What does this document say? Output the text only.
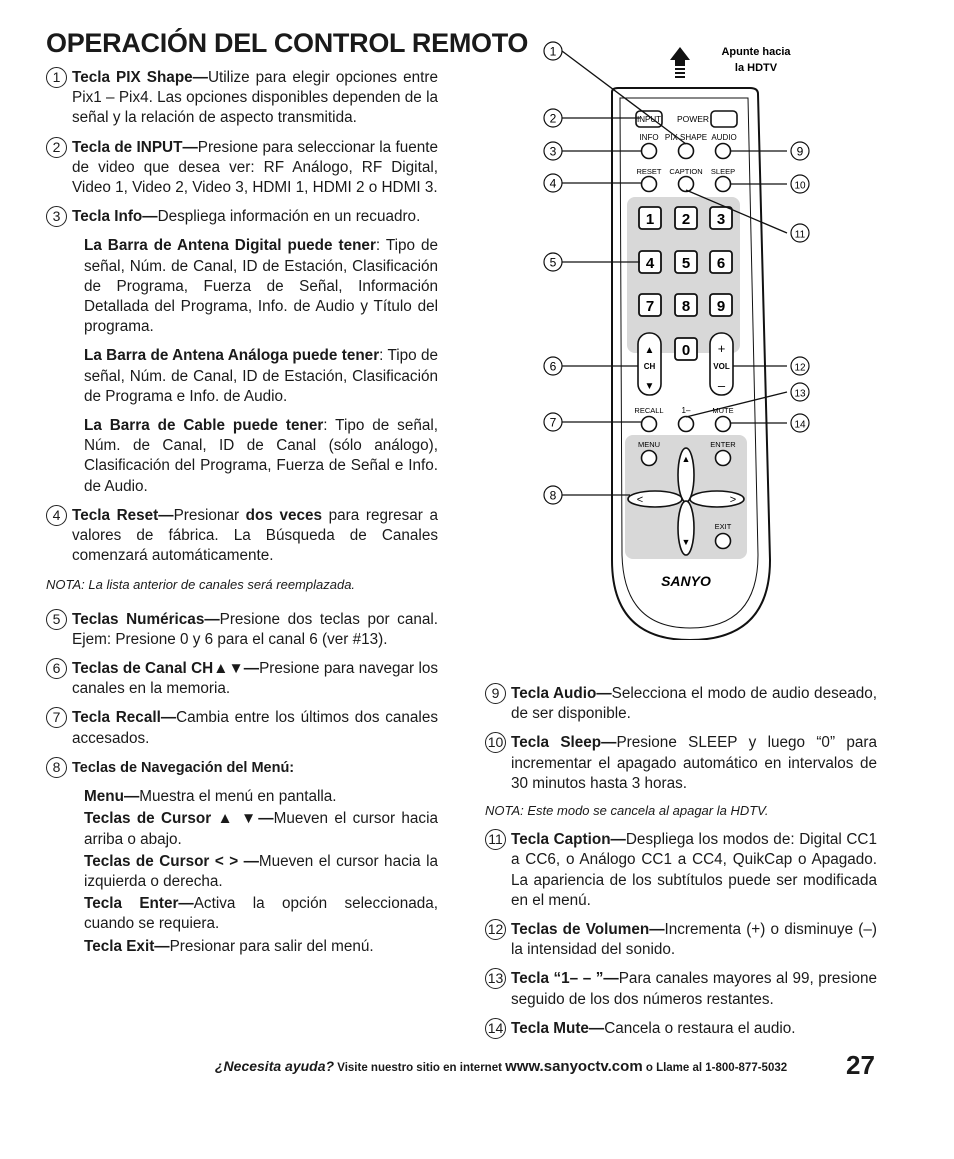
OPERACIÓN DEL CONTROL REMOTO
1 Tecla PIX Shape—Utilize para elegir opciones entre Pix1 – Pix4. Las opciones disponibles dependen de la señal y la relación de aspecto transmitida.
2 Tecla de INPUT—Presione para seleccionar la fuente de video que desea ver: RF Análogo, RF Digital, Video 1, Video 2, Video 3, HDMI 1, HDMI 2 o HDMI 3.
3 Tecla Info—Despliega información en un recuadro.
La Barra de Antena Digital puede tener: Tipo de señal, Núm. de Canal, ID de Estación, Clasificación de Programa, Fuerza de Señal, Información Detallada del Programa, Info. de Audio y Título del programa.
La Barra de Antena Análoga puede tener: Tipo de señal, Núm. de Canal, ID de Estación, Clasificación de Programa e Info. de Audio.
La Barra de Cable puede tener: Tipo de señal, Núm. de Canal, ID de Canal (sólo análogo), Clasificación del Programa, Fuerza de Señal e Info. de Audio.
4 Tecla Reset—Presionar dos veces para regresar a valores de fábrica. La Búsqueda de Canales comenzará automáticamente.
NOTA: La lista anterior de canales será reemplazada.
5 Teclas Numéricas—Presione dos teclas por canal. Ejem: Presione 0 y 6 para el canal 6 (ver #13).
6 Teclas de Canal CH▲▼—Presione para navegar los canales en la memoria.
7 Tecla Recall—Cambia entre los últimos dos canales accesados.
8 Teclas de Navegación del Menú:
Menu—Muestra el menú en pantalla.
Teclas de Cursor ▲ ▼—Mueven el cursor hacia arriba o abajo.
Teclas de Cursor < > —Mueven el cursor hacia la izquierda o derecha.
Tecla Enter—Activa la opción seleccionada, cuando se requiera.
Tecla Exit—Presionar para salir del menú.
9 Tecla Audio—Selecciona el modo de audio deseado, de ser disponible.
10 Tecla Sleep—Presione SLEEP y luego “0” para incrementar el apagado automático en intervalos de 30 minutos hasta 3 horas.
NOTA: Este modo se cancela al apagar la HDTV.
11 Tecla Caption—Despliega los modos de: Digital CC1 a CC6, o Análogo CC1 a CC4, QuikCap o Apagado. La apariencia de los subtítulos puede ser modificada en el menú.
12 Teclas de Volumen—Incrementa (+) o disminuye (–) la intensidad del sonido.
13 Tecla “1– – ”—Para canales mayores al 99, presione seguido de los dos números restantes.
14 Tecla Mute—Cancela o restaura el audio.
Apunte hacia
la HDTV
INPUT POWER
INFO PIX SHAPE AUDIO
RESET CAPTION SLEEP
1 2 3
4 5 6
7 8 9
0
▲
CH
▼
+
VOL
–
RECALL 1–	MUTE
MENU	ENTER
▲
▼
<	>
EXIT
SANYO
1
2
3
4
5
6
7
8
9
10
11
12
13
14
¿Necesita ayuda? Visite nuestro sitio en internet www.sanyoctv.com o Llame al 1-800-877-5032 27
